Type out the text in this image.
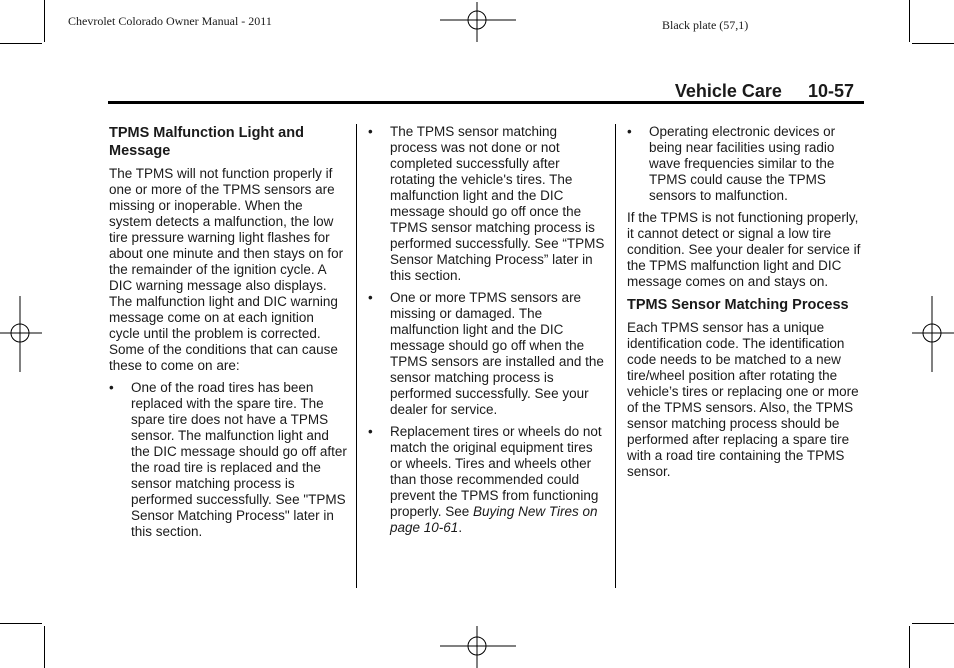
Chevrolet Colorado Owner Manual - 2011	Black plate (57,1)
Vehicle Care 10-57
TPMS Malfunction Light and Message

The TPMS will not function properly if one or more of the TPMS sensors are missing or inoperable. When the system detects a malfunction, the low tire pressure warning light flashes for about one minute and then stays on for the remainder of the ignition cycle. A DIC warning message also displays. The malfunction light and DIC warning message come on at each ignition cycle until the problem is corrected. Some of the conditions that can cause these to come on are:

• One of the road tires has been replaced with the spare tire. The spare tire does not have a TPMS sensor. The malfunction light and the DIC message should go off after the road tire is replaced and the sensor matching process is performed successfully. See "TPMS Sensor Matching Process" later in this section.
• The TPMS sensor matching process was not done or not completed successfully after rotating the vehicle's tires. The malfunction light and the DIC message should go off once the TPMS sensor matching process is performed successfully. See “TPMS Sensor Matching Process” later in this section.
• One or more TPMS sensors are missing or damaged. The malfunction light and the DIC message should go off when the TPMS sensors are installed and the sensor matching process is performed successfully. See your dealer for service.
• Replacement tires or wheels do not match the original equipment tires or wheels. Tires and wheels other than those recommended could prevent the TPMS from functioning properly. See Buying New Tires on page 10-61.
• Operating electronic devices or being near facilities using radio wave frequencies similar to the TPMS could cause the TPMS sensors to malfunction.

If the TPMS is not functioning properly, it cannot detect or signal a low tire condition. See your dealer for service if the TPMS malfunction light and DIC message comes on and stays on.

TPMS Sensor Matching Process

Each TPMS sensor has a unique identification code. The identification code needs to be matched to a new tire/wheel position after rotating the vehicle’s tires or replacing one or more of the TPMS sensors. Also, the TPMS sensor matching process should be performed after replacing a spare tire with a road tire containing the TPMS sensor.
